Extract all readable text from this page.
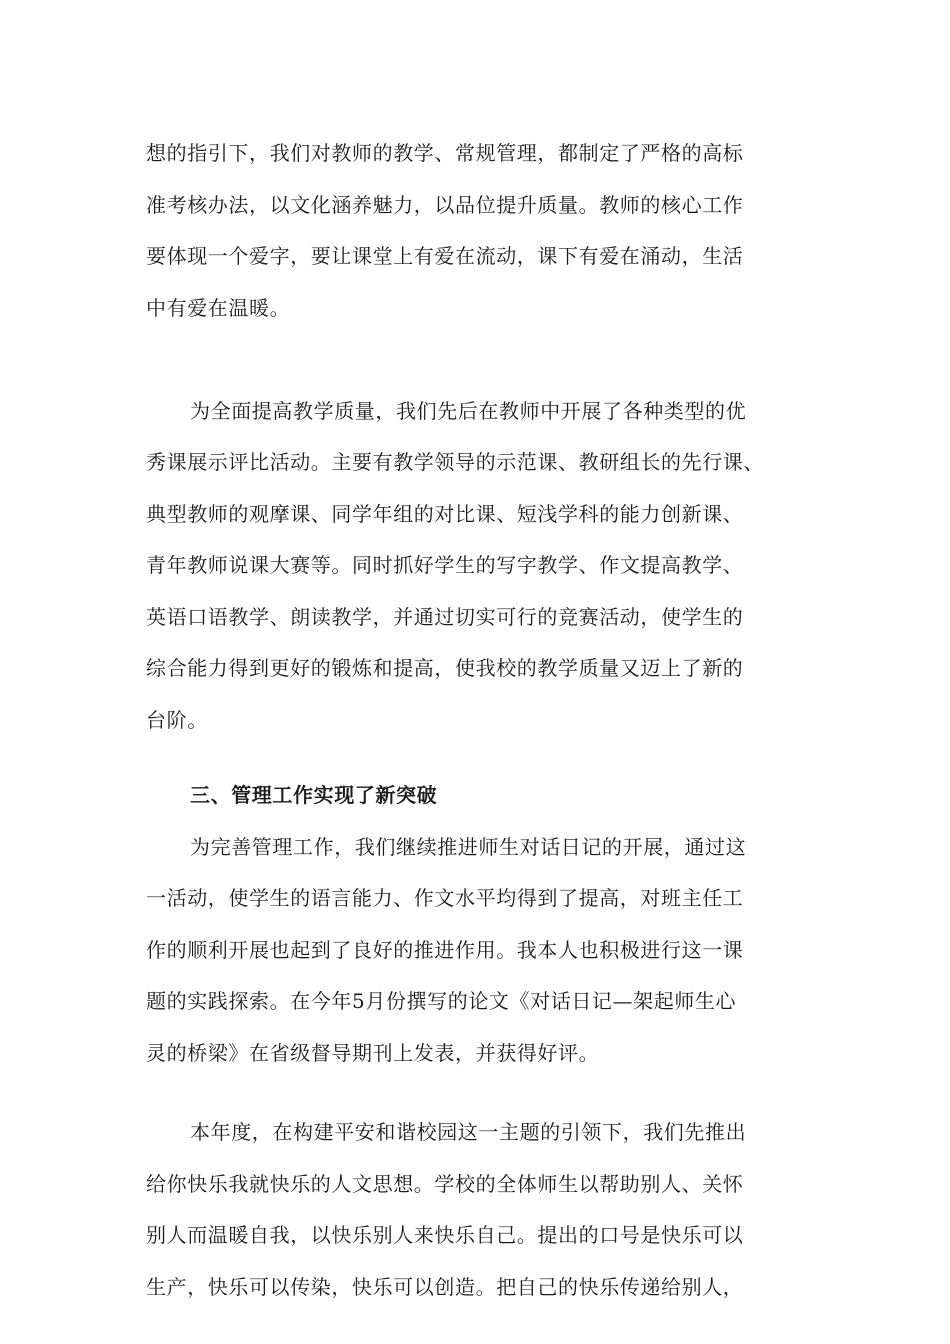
想的指引下，我们对教师的教学、常规管理，都制定了严格的高标
准考核办法，以文化涵养魅力，以品位提升质量。教师的核心工作
要体现一个爱字，要让课堂上有爱在流动，课下有爱在涌动，生活
中有爱在温暖。
为全面提高教学质量，我们先后在教师中开展了各种类型的优
秀课展示评比活动。主要有教学领导的示范课、教研组长的先行课、
典型教师的观摩课、同学年组的对比课、短浅学科的能力创新课、
青年教师说课大赛等。同时抓好学生的写字教学、作文提高教学、
英语口语教学、朗读教学，并通过切实可行的竞赛活动，使学生的
综合能力得到更好的锻炼和提高，使我校的教学质量又迈上了新的
台阶。
三、管理工作实现了新突破
为完善管理工作，我们继续推进师生对话日记的开展，通过这
一活动，使学生的语言能力、作文水平均得到了提高，对班主任工
作的顺利开展也起到了良好的推进作用。我本人也积极进行这一课
题的实践探索。在今年5月份撰写的论文《对话日记—架起师生心
灵的桥梁》在省级督导期刊上发表，并获得好评。
本年度，在构建平安和谐校园这一主题的引领下，我们先推出
给你快乐我就快乐的人文思想。学校的全体师生以帮助别人、关怀
别人而温暖自我，以快乐别人来快乐自己。提出的口号是快乐可以
生产，快乐可以传染，快乐可以创造。把自己的快乐传递给别人，
